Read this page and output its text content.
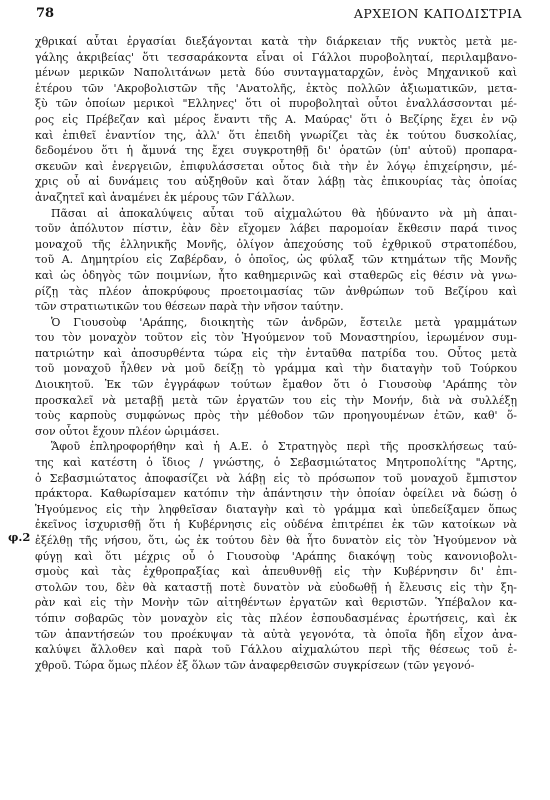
78	ΑΡΧΕΙΟΝ ΚΑΠΟΔΙΣΤΡΙΑ
φ.2
χθρικαί αὗται ἐργασίαι διεξάγονται κατὰ τὴν διάρκειαν τῆς νυκτὸς μετὰ με-
γάλης ἀκριβείας' ὅτι τεσσαράκοντα εἶναι οἱ Γάλλοι πυροβοληταί, περιλαμβανο-
μένων μερικῶν Ναπολιτάνων μετὰ δύο συνταγματαρχῶν, ἑνὸς Μηχανικοῦ καὶ
ἑτέρου τῶν 'Ακροβολιστῶν τῆς 'Ανατολῆς, ἐκτὸς πολλῶν ἀξιωματικῶν, μετα-
ξὺ τῶν ὁποίων μερικοὶ "Ελληνες' ὅτι οἱ πυροβοληταὶ οὗτοι ἐναλλάσσονται μέ-
ρος εἰς Πρέβεζαν καὶ μέρος ἔναντι τῆς Α. Μαύρας' ὅτι ὁ Βεζίρης ἔχει ἐν νῷ
καὶ ἐπιθεῖ ἐναντίον της, ἀλλ' ὅτι ἐπειδὴ γνωρίζει τὰς ἐκ τούτου δυσκολίας,
δεδομένου ὅτι ἡ ἄμυνά της ἔχει συγκροτηθῇ δι' ὁρατῶν (ὑπ' αὐτοῦ) προπαρα-
σκευῶν καὶ ἐνεργειῶν, ἐπιφυλάσσεται οὗτος διὰ τὴν ἐν λόγῳ ἐπιχείρησιν, μέ-
χρις οὗ αἱ δυνάμεις του αὐξηθοῦν καὶ ὅταν λάβῃ τὰς ἐπικουρίας τὰς ὁποίας
ἀναζητεῖ καὶ ἀναμένει ἐκ μέρους τῶν Γάλλων.
Πᾶσαι αἱ ἀποκαλύψεις αὗται τοῦ αἰχμαλώτου θὰ ἠδύναντο νὰ μὴ ἀπαι-
τοῦν ἀπόλυτον πίστιν, ἐὰν δὲν εἴχομεν λάβει παρομοίαν ἔκθεσιν παρά τινος
μοναχοῦ τῆς ἑλληνικῆς Μονῆς, ὀλίγον ἀπεχούσης τοῦ ἐχθρικοῦ στρατοπέδου,
τοῦ Α. Δημητρίου εἰς Ζαβέρδαν, ὁ ὁποῖος, ὡς φύλαξ τῶν κτημάτων τῆς Μονῆς
καὶ ὡς ὁδηγὸς τῶν ποιμνίων, ἦτο καθημερινῶς καὶ σταθερῶς εἰς θέσιν νὰ γνω-
ρίζῃ τὰς πλέον ἀποκρύφους προετοιμασίας τῶν ἀνθρώπων τοῦ Βεζίρου καὶ
τῶν στρατιωτικῶν του θέσεων παρὰ τὴν νῆσον ταύτην.
Ὁ Γιουσοὺφ 'Αράπης, διοικητὴς τῶν ἀνδρῶν, ἔστειλε μετὰ γραμμάτων
του τὸν μοναχὸν τοῦτον εἰς τὸν Ἡγούμενον τοῦ Μοναστηρίου, ἱερωμένον συμ-
πατριώτην καὶ ἀποσυρθέντα τώρα εἰς τὴν ἐνταῦθα πατρίδα του. Οὗτος μετὰ
τοῦ μοναχοῦ ἦλθεν νὰ μοῦ δείξῃ τὸ γράμμα καὶ τὴν διαταγὴν τοῦ Τούρκου
Διοικητοῦ. Ἐκ τῶν ἐγγράφων τούτων ἔμαθον ὅτι ὁ Γιουσοὺφ 'Αράπης τὸν
προσκαλεῖ νὰ μεταβῇ μετὰ τῶν ἐργατῶν του εἰς τὴν Μονήν, διὰ νὰ συλλέξῃ
τοὺς καρποὺς συμφώνως πρὸς τὴν μέθοδον τῶν προηγουμένων ἐτῶν, καθ' ὅ-
σον οὗτοι ἔχουν πλέον ὡριμάσει.
Ἅφοῦ ἐπληροφορήθην καὶ ἡ Α.Ε. ὁ Στρατηγὸς περὶ τῆς προσκλήσεως ταύ-
της καὶ κατέστη ὁ ἴδιος / γνώστης, ὁ Σεβασμιώτατος Μητροπολίτης "Αρτης,
ὁ Σεβασμιώτατος ἀποφασίζει νὰ λάβῃ εἰς τὸ πρόσωπον τοῦ μοναχοῦ ἔμπιστον
πράκτορα. Καθωρίσαμεν κατόπιν τὴν ἀπάντησιν τὴν ὁποίαν ὀφείλει νὰ δώσῃ ὁ
Ἡγούμενος εἰς τὴν ληφθεῖσαν διαταγὴν καὶ τὸ γράμμα καὶ ὑπεδείξαμεν ὅπως
ἐκεῖνος ἰσχυρισθῇ ὅτι ἡ Κυβέρνησις εἰς οὐδένα ἐπιτρέπει ἐκ τῶν κατοίκων νὰ
ἐξέλθῃ τῆς νήσου, ὅτι, ὡς ἐκ τούτου δὲν θὰ ἦτο δυνατὸν εἰς τὸν Ἡγούμενον νὰ
φύγῃ καὶ ὅτι μέχρις οὗ ὁ Γιουσοὺφ 'Αράπης διακόψῃ τοὺς κανονιοβολι-
σμοὺς καὶ τὰς ἐχθροπραξίας καὶ ἀπευθυνθῇ εἰς τὴν Κυβέρνησιν δι' ἐπι-
στολῶν του, δὲν θὰ καταστῇ ποτὲ δυνατὸν νὰ εὐοδωθῇ ἡ ἔλευσις εἰς τὴν ξη-
ρὰν καὶ εἰς τὴν Μονὴν τῶν αἰτηθέντων ἐργατῶν καὶ θεριστῶν. Ὑπέβαλον κα-
τόπιν σοβαρῶς τὸν μοναχὸν εἰς τὰς πλέον ἐσπουδασμένας ἐρωτήσεις, καὶ ἐκ
τῶν ἀπαντήσεών του προέκυψαν τὰ αὐτὰ γεγονότα, τὰ ὁποῖα ἤδη εἶχον ἀνα-
καλύψει ἄλλοθεν καὶ παρὰ τοῦ Γάλλου αἰχμαλώτου περὶ τῆς θέσεως τοῦ ἐ-
χθροῦ. Τώρα ὅμως πλέον ἐξ ὅλων τῶν ἀναφερθεισῶν συγκρίσεων (τῶν γεγονό-
